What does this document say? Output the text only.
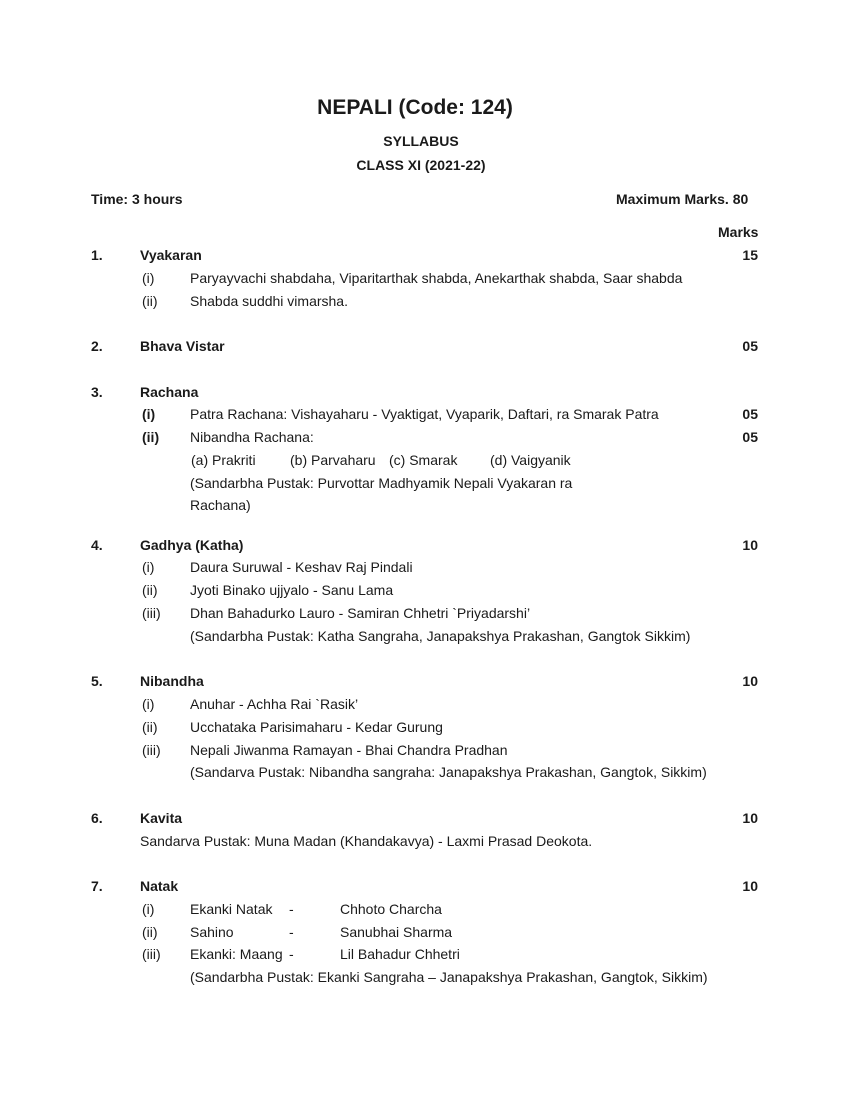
NEPALI (Code: 124)
SYLLABUS
CLASS XI (2021-22)
Time: 3 hours	Maximum Marks. 80
Marks
1.	Vyakaran	15
(i)	Paryayvachi shabdaha, Viparitarthak shabda, Anekarthak shabda, Saar shabda
(ii) Shabda suddhi vimarsha.
2.	Bhava Vistar	05
3.	Rachana
(i) Patra Rachana: Vishayaharu - Vyaktigat, Vyaparik, Daftari, ra Smarak Patra	05
(ii) Nibandha Rachana:	05
(a) Prakriti (b) Parvaharu (c) Smarak (d) Vaigyanik
(Sandarbha Pustak: Purvottar Madhyamik Nepali Vyakaran ra
Rachana)
4.	Gadhya (Katha)	10
(i)	Daura Suruwal - Keshav Raj Pindali
(ii) Jyoti Binako ujjyalo - Sanu Lama
(iii) Dhan Bahadurko Lauro - Samiran Chhetri `Priyadarshi’
(Sandarbha Pustak: Katha Sangraha, Janapakshya Prakashan, Gangtok Sikkim)
5.	Nibandha	10
(i)	Anuhar - Achha Rai `Rasik’
(ii) Ucchataka Parisimaharu - Kedar Gurung
(iii) Nepali Jiwanma Ramayan - Bhai Chandra Pradhan
(Sandarva Pustak: Nibandha sangraha: Janapakshya Prakashan, Gangtok, Sikkim)
6.	Kavita	10
Sandarva Pustak: Muna Madan (Khandakavya) - Laxmi Prasad Deokota.
7.	Natak	10
(i)	Ekanki Natak -	Chhoto Charcha
(ii) Sahino	-	Sanubhai Sharma
(iii) Ekanki: Maang -	Lil Bahadur Chhetri
(Sandarbha Pustak: Ekanki Sangraha – Janapakshya Prakashan, Gangtok, Sikkim)
